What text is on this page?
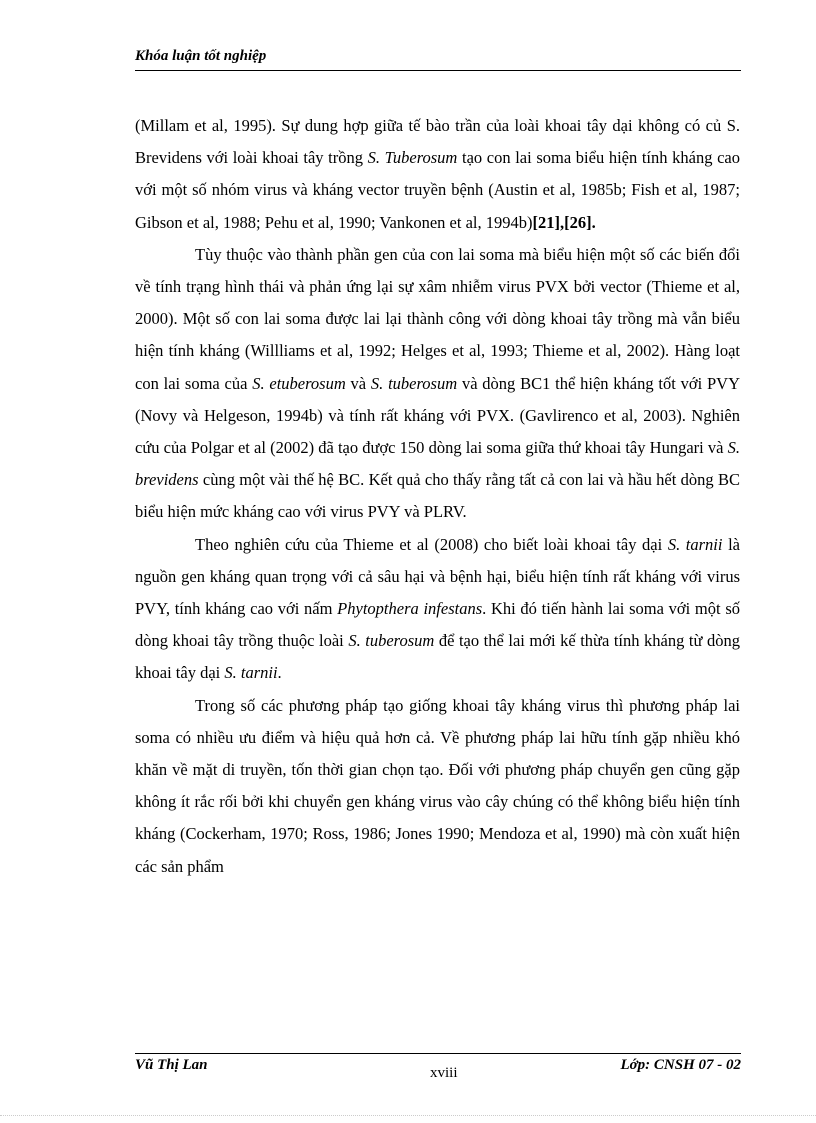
Khóa luận tốt nghiệp

(Millam et al, 1995). Sự dung hợp giữa tế bào trần của loài khoai tây dại không có củ S. Brevidens với loài khoai tây trồng S. Tuberosum tạo con lai soma biểu hiện tính kháng cao với một số nhóm virus và kháng vector truyền bệnh (Austin et al, 1985b; Fish et al, 1987; Gibson et al, 1988; Pehu et al, 1990; Vankonen et al, 1994b)[21],[26].

Tùy thuộc vào thành phần gen của con lai soma mà biểu hiện một số các biến đổi về tính trạng hình thái và phản ứng lại sự xâm nhiễm virus PVX bởi vector (Thieme et al, 2000). Một số con lai soma được lai lại thành công với dòng khoai tây trồng mà vẫn biểu hiện tính kháng (Willliams et al, 1992; Helges et al, 1993; Thieme et al, 2002). Hàng loạt con lai soma của S. etuberosum và S. tuberosum và dòng BC1 thể hiện kháng tốt với PVY (Novy và Helgeson, 1994b) và tính rất kháng với PVX. (Gavlirenco et al, 2003). Nghiên cứu của Polgar et al (2002) đã tạo được 150 dòng lai soma giữa thứ khoai tây Hungari và S. brevidens cùng một vài thế hệ BC. Kết quả cho thấy rằng tất cả con lai và hầu hết dòng BC biểu hiện mức kháng cao với virus PVY và PLRV.

Theo nghiên cứu của Thieme et al (2008) cho biết loài khoai tây dại S. tarnii là nguồn gen kháng quan trọng với cả sâu hại và bệnh hại, biểu hiện tính rất kháng với virus PVY, tính kháng cao với nấm Phytopthera infestans. Khi đó tiến hành lai soma với một số dòng khoai tây trồng thuộc loài S. tuberosum để tạo thể lai mới kế thừa tính kháng từ dòng khoai tây dại S. tarnii.

Trong số các phương pháp tạo giống khoai tây kháng virus thì phương pháp lai soma có nhiều ưu điểm và hiệu quả hơn cả. Về phương pháp lai hữu tính gặp nhiều khó khăn về mặt di truyền, tốn thời gian chọn tạo. Đối với phương pháp chuyển gen cũng gặp không ít rắc rối bởi khi chuyển gen kháng virus vào cây chúng có thể không biểu hiện tính kháng (Cockerham, 1970; Ross, 1986; Jones 1990; Mendoza et al, 1990) mà còn xuất hiện các sản phẩm

Vũ Thị Lan	xviii	Lớp: CNSH 07 - 02
